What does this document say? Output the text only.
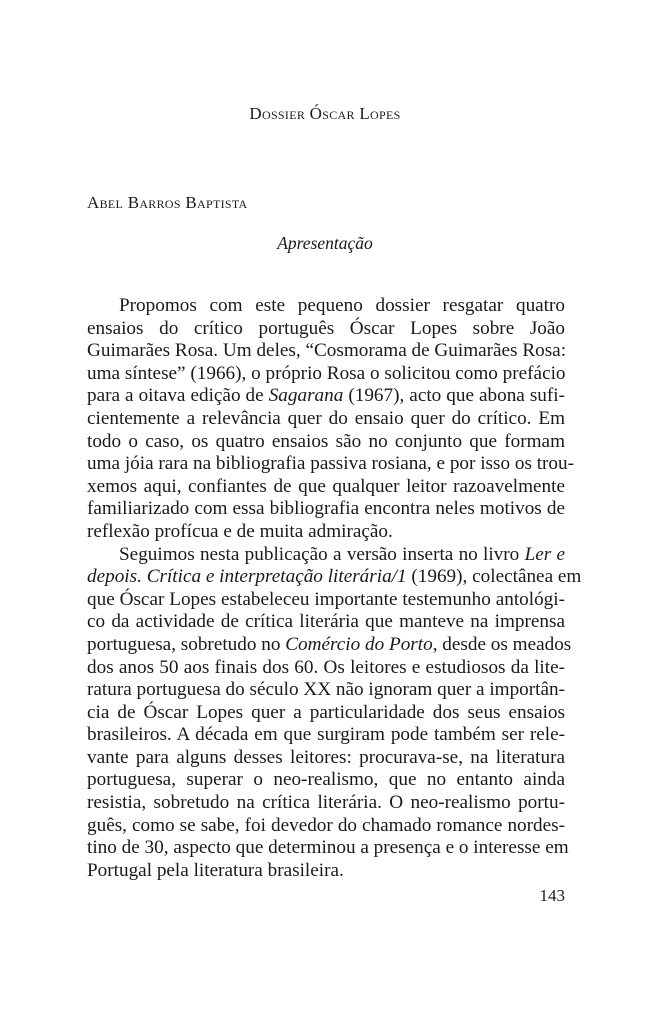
Dossier Óscar Lopes
Abel Barros Baptista
Apresentação
Propomos com este pequeno dossier resgatar quatro
ensaios do crítico português Óscar Lopes sobre João
Guimarães Rosa. Um deles, “Cosmorama de Guimarães Rosa:
uma síntese” (1966), o próprio Rosa o solicitou como prefácio
para a oitava edição de Sagarana (1967), acto que abona sufi-
cientemente a relevância quer do ensaio quer do crítico. Em
todo o caso, os quatro ensaios são no conjunto que formam
uma jóia rara na bibliografia passiva rosiana, e por isso os trou-
xemos aqui, confiantes de que qualquer leitor razoavelmente
familiarizado com essa bibliografia encontra neles motivos de
reflexão profícua e de muita admiração.
Seguimos nesta publicação a versão inserta no livro Ler e
depois. Crítica e interpretação literária/1 (1969), colectânea em
que Óscar Lopes estabeleceu importante testemunho antológi-
co da actividade de crítica literária que manteve na imprensa
portuguesa, sobretudo no Comércio do Porto, desde os meados
dos anos 50 aos finais dos 60. Os leitores e estudiosos da lite-
ratura portuguesa do século XX não ignoram quer a importân-
cia de Óscar Lopes quer a particularidade dos seus ensaios
brasileiros. A década em que surgiram pode também ser rele-
vante para alguns desses leitores: procurava-se, na literatura
portuguesa, superar o neo-realismo, que no entanto ainda
resistia, sobretudo na crítica literária. O neo-realismo portu-
guês, como se sabe, foi devedor do chamado romance nordes-
tino de 30, aspecto que determinou a presença e o interesse em
Portugal pela literatura brasileira.
143
